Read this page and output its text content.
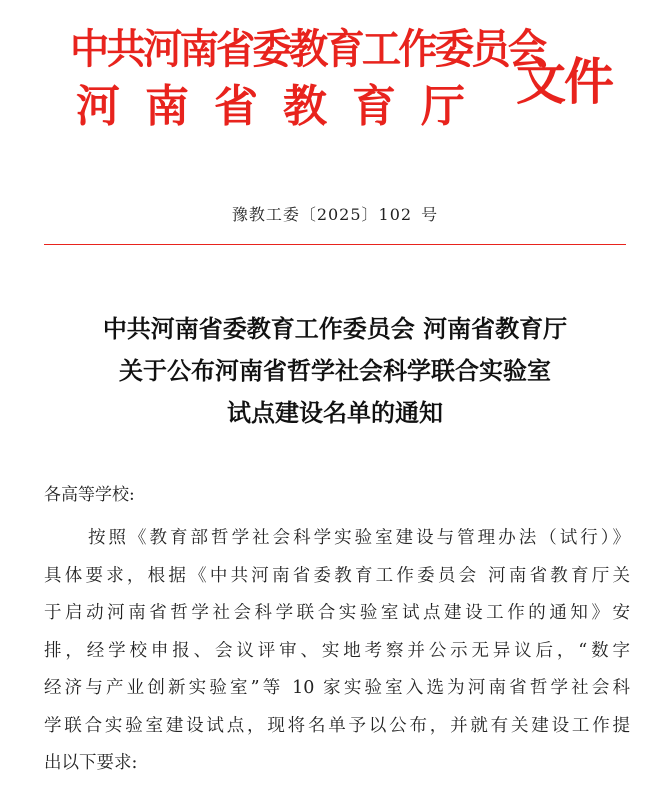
中共河南省委教育工作委员会
河南省教育厅 文件
豫教工委〔2025〕102 号
中共河南省委教育工作委员会 河南省教育厅
关于公布河南省哲学社会科学联合实验室
试点建设名单的通知
各高等学校:
按照《教育部哲学社会科学实验室建设与管理办法（试行）》
具体要求，根据《中共河南省委教育工作委员会 河南省教育厅关
于启动河南省哲学社会科学联合实验室试点建设工作的通知》安
排，经学校申报、会议评审、实地考察并公示无异议后，“数字
经济与产业创新实验室”等 10 家实验室入选为河南省哲学社会科
学联合实验室建设试点，现将名单予以公布，并就有关建设工作提
出以下要求:
